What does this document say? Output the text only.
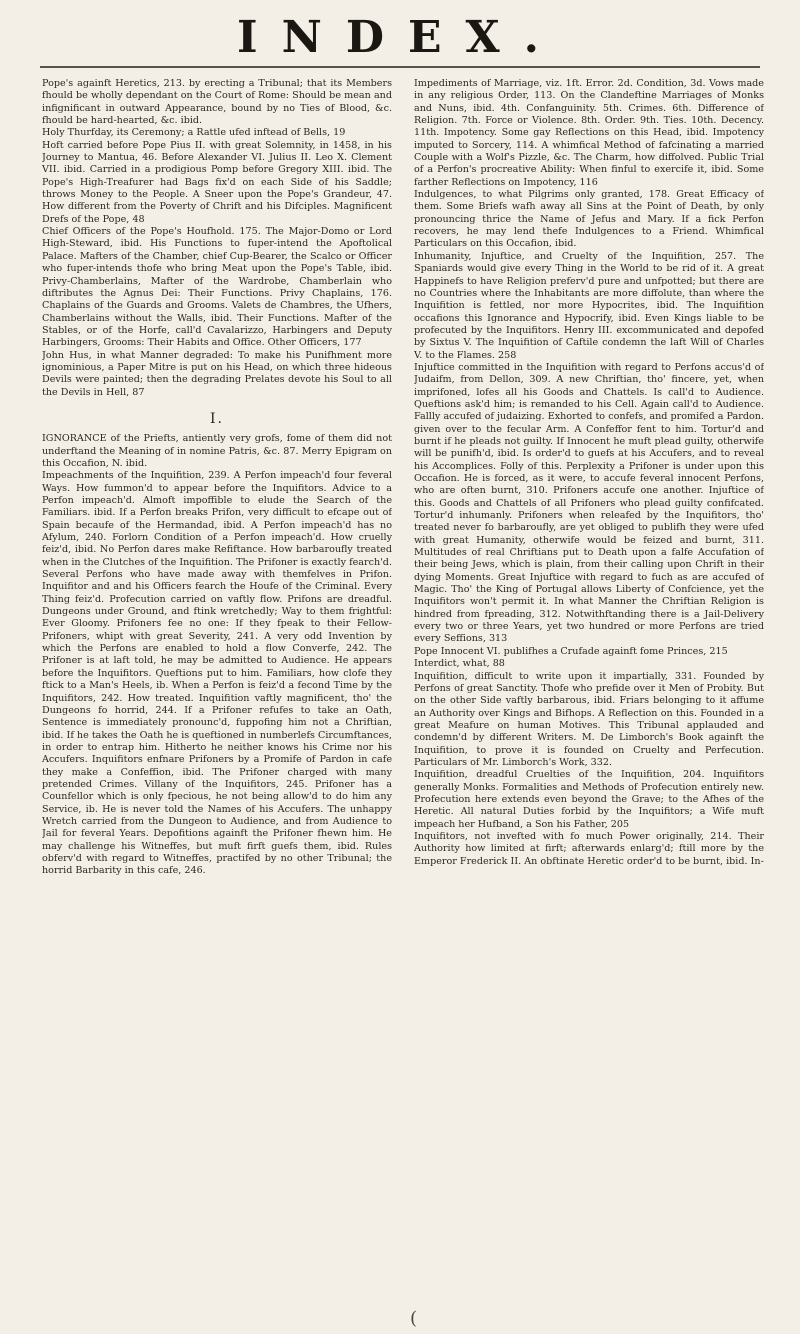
INDEX.
Pope's againft Heretics, 213. by erecting a Tribunal; that its Members fhould be wholly dependant on the Court of Rome: Should be mean and infignificant in outward Appearance, bound by no Ties of Blood, &c. fhould be hard-hearted, &c. ibid.
Holy Thurfday, its Ceremony; a Rattle ufed inftead of Bells, 19
Hoft carried before Pope Pius II. with great Solemnity, in 1458, in his Journey to Mantua, 46. Before Alexander VI. Julius II. Leo X. Clement VII. ibid. Carried in a prodigious Pomp before Gregory XIII. ibid. The Pope's High-Treafurer had Bags fix'd on each Side of his Saddle; throws Money to the People. A Sneer upon the Pope's Grandeur, 47. How different from the Poverty of Chrift and his Difciples. Magnificent Drefs of the Pope, 48
Chief Officers of the Pope's Houfhold. 175. The Major-Domo or Lord High-Steward, ibid. His Functions to fuper-intend the Apoftolical Palace. Mafters of the Chamber, chief Cup-Bearer, the Scalco or Officer who fuper-intends thofe who bring Meat upon the Pope's Table, ibid. Privy-Chamberlains, Mafter of the Wardrobe, Chamberlain who diftributes the Agnus Dei: Their Functions. Privy Chaplains, 176. Chaplains of the Guards and Grooms. Valets de Chambres, the Ufhers, Chamberlains without the Walls, ibid. Their Functions. Mafter of the Stables, or of the Horfe, call'd Cavalarizzo, Harbingers and Deputy Harbingers, Grooms: Their Habits and Office. Other Officers, 177
John Hus, in what Manner degraded: To make his Punifhment more ignominious, a Paper Mitre is put on his Head, on which three hideous Devils were painted; then the degrading Prelates devote his Soul to all the Devils in Hell, 87
I.
IGNORANCE of the Priefts, antiently very grofs, fome of them did not underftand the Meaning of in nomine Patris, &c. 87. Merry Epigram on this Occafion, N. ibid.
Impeachments of the Inquifition, 239. A Perfon impeach'd four feveral Ways. How fummon'd to appear before the Inquifitors. Advice to a Perfon impeach'd. Almoft impoffible to elude the Search of the Familiars. ibid. If a Perfon breaks Prifon, very difficult to efcape out of Spain becaufe of the Hermandad, ibid. A Perfon impeach'd has no Afylum, 240. Forlorn Condition of a Perfon impeach'd. How cruelly feiz'd, ibid. No Perfon dares make Refiftance. How barbaroufly treated when in the Clutches of the Inquifition. The Prifoner is exactly fearch'd. Several Perfons who have made away with themfelves in Prifon. Inquifitor and and his Officers fearch the Houfe of the Criminal. Every Thing feiz'd. Profecution carried on vaftly flow. Prifons are dreadful. Dungeons under Ground, and ftink wretchedly; Way to them frightful: Ever Gloomy. Prifoners fee no one: If they fpeak to their Fellow-Prifoners, whipt with great Severity, 241. A very odd Invention by which the Perfons are enabled to hold a flow Converfe, 242. The Prifoner is at laft told, he may be admitted to Audience. He appears before the Inquifitors. Queftions put to him. Familiars, how clofe they ftick to a Man's Heels, ib. When a Perfon is feiz'd a fecond Time by the Inquifitors, 242. How treated. Inquifition vaftly magnificent, tho' the Dungeons fo horrid, 244. If a Prifoner refufes to take an Oath, Sentence is immediately pronounc'd, fuppofing him not a Chriftian, ibid. If he takes the Oath he is queftioned in numberlefs Circumftances, in order to entrap him. Hitherto he neither knows his Crime nor his Accufers. Inquifitors enfnare Prifoners by a Promife of Pardon in cafe they make a Confeffion, ibid. The Prifoner charged with many pretended Crimes. Villany of the Inquifitors, 245. Prifoner has a Counfellor which is only fpecious, he not being allow'd to do him any Service, ib. He is never told the Names of his Accufers. The unhappy Wretch carried from the Dungeon to Audience, and from Audience to Jail for feveral Years. Depofitions againft the Prifoner fhewn him. He may challenge his Witneffes, but muft firft guefs them, ibid. Rules obferv'd with regard to Witneffes, practifed by no other Tribunal; the horrid Barbarity in this cafe, 246.
Impediments of Marriage, viz. 1ft. Error. 2d. Condition, 3d. Vows made in any religious Order, 113. On the Clandeftine Marriages of Monks and Nuns, ibid. 4th. Confanguinity. 5th. Crimes. 6th. Difference of Religion. 7th. Force or Violence. 8th. Order. 9th. Ties. 10th. Decency. 11th. Impotency. Some gay Reflections on this Head, ibid. Impotency imputed to Sorcery, 114. A whimfical Method of fafcinating a married Couple with a Wolf's Pizzle, &c. The Charm, how diffolved. Public Trial of a Perfon's procreative Ability: When finful to exercife it, ibid. Some farther Reflections on Impotency, 116
Indulgences, to what Pilgrims only granted, 178. Great Efficacy of them. Some Briefs wafh away all Sins at the Point of Death, by only pronouncing thrice the Name of Jefus and Mary. If a fick Perfon recovers, he may lend thefe Indulgences to a Friend. Whimfical Particulars on this Occafion, ibid.
Inhumanity, Injuftice, and Cruelty of the Inquifition, 257. The Spaniards would give every Thing in the World to be rid of it. A great Happinefs to have Religion preferv'd pure and unfpotted; but there are no Countries where the Inhabitants are more diffolute, than where the Inquifition is fettled, nor more Hypocrites, ibid. The Inquifition occafions this Ignorance and Hypocrify, ibid. Even Kings liable to be profecuted by the Inquifitors. Henry III. excommunicated and depofed by Sixtus V. The Inquifition of Caftile condemn the laft Will of Charles V. to the Flames. 258
Injuftice committed in the Inquifition with regard to Perfons accus'd of Judaifm, from Dellon, 309. A new Chriftian, tho' fincere, yet, when imprifoned, lofes all his Goods and Chattels. Is call'd to Audience. Queftions ask'd him; is remanded to his Cell. Again call'd to Audience. Fallly accufed of judaizing. Exhorted to confefs, and promifed a Pardon. given over to the fecular Arm. A Confeffor fent to him. Tortur'd and burnt if he pleads not guilty. If Innocent he muft plead guilty, otherwife will be punifh'd, ibid. Is order'd to guefs at his Accufers, and to reveal his Accomplices. Folly of this. Perplexity a Prifoner is under upon this Occafion. He is forced, as it were, to accufe feveral innocent Perfons, who are often burnt, 310. Prifoners accufe one another. Injuftice of this. Goods and Chattels of all Prifoners who plead guilty confifcated. Tortur'd inhumanly. Prifoners when releafed by the Inquifitors, tho' treated never fo barbaroufly, are yet obliged to publifh they were ufed with great Humanity, otherwife would be feized and burnt, 311. Multitudes of real Chriftians put to Death upon a falfe Accufation of their being Jews, which is plain, from their calling upon Chrift in their dying Moments. Great Injuftice with regard to fuch as are accufed of Magic. Tho' the King of Portugal allows Liberty of Confcience, yet the Inquifitors won't permit it. In what Manner the Chriftian Religion is hindred from fpreading, 312. Notwithftanding there is a Jail-Delivery every two or three Years, yet two hundred or more Perfons are tried every Seffions, 313
Pope Innocent VI. publifhes a Crufade againft fome Princes, 215
Interdict, what, 88
Inquifition, difficult to write upon it impartially, 331. Founded by Perfons of great Sanctity. Thofe who prefide over it Men of Probity. But on the other Side vaftly barbarous, ibid. Friars belonging to it affume an Authority over Kings and Bifhops. A Reflection on this. Founded in a great Meafure on human Motives. This Tribunal applauded and condemn'd by different Writers. M. De Limborch's Book againft the Inquifition, to prove it is founded on Cruelty and Perfecution. Particulars of Mr. Limborch's Work, 332.
Inquifition, dreadful Cruelties of the Inquifition, 204. Inquifitors generally Monks. Formalities and Methods of Profecution entirely new. Profecution here extends even beyond the Grave; to the Afhes of the Heretic. All natural Duties forbid by the Inquifitors; a Wife muft impeach her Hufband, a Son his Father, 205
Inquifitors, not invefted with fo much Power originally, 214. Their Authority how limited at firft; afterwards enlarg'd; ftill more by the Emperor Frederick II. An obftinate Heretic order'd to be burnt, ibid. In-
(
